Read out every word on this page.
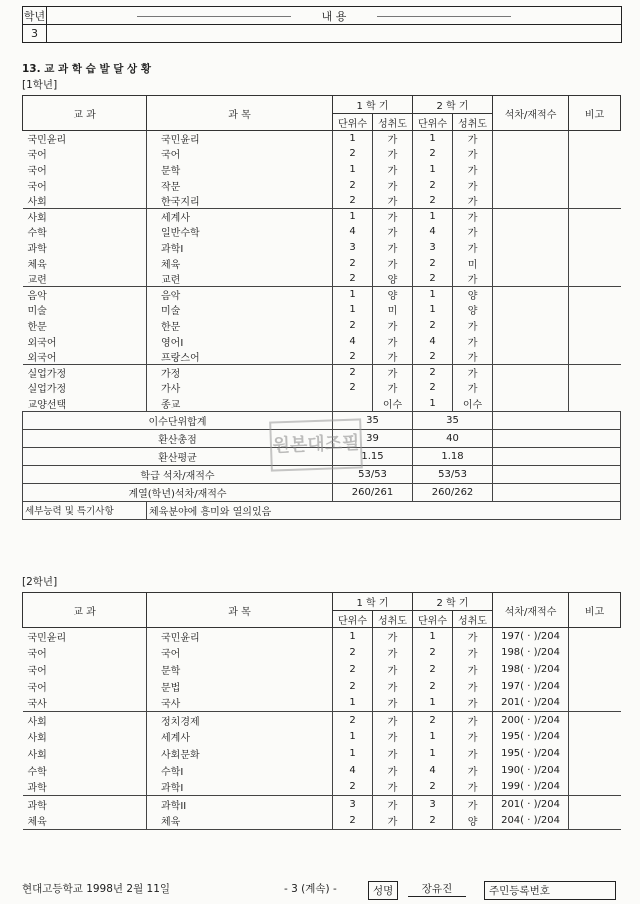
학년	내 용

3	
13. 교 과 학 습 발 달 상 황
[1학년]
교 과	과 목	1 학 기		2 학 기		석차/재적수	비고
		단위수	성취도	단위수	성취도		
국민윤리	국민윤리	1	가	1	가		
국어	국어	2	가	2	가		
국어	문학	1	가	1	가		
국어	작문	2	가	2	가		
사회	한국지리	2	가	2	가		
사회	세계사	1	가	1	가		
수학	일반수학	4	가	4	가		
과학	과학I	3	가	3	가		
체육	체육	2	가	2	미		
교련	교련	2	양	2	가		
음악	음악	1	양	1	양		
미술	미술	1	미	1	양		
한문	한문	2	가	2	가		
외국어	영어I	4	가	4	가		
외국어	프랑스어	2	가	2	가		
실업가정	가정	2	가	2	가		
실업가정	가사	2	가	2	가		
교양선택	종교		이수	1	이수		
이수단위합계		35		35			
환산총점		39		40			
환산평균		1.15		1.18			
학급 석차/재적수		53/53		53/53			
계열(학년)석차/재적수		260/261		260/262			
세부능력 및 특기사항	체육분야에 흥미와 열의있음						
원본대조필
[2학년]
교 과	과 목	1 학 기		2 학 기		석차/재적수	비고
		단위수	성취도	단위수	성취도		
국민윤리	국민윤리	1	가	1	가	197( · )/204	
국어	국어	2	가	2	가	198( · )/204	
국어	문학	2	가	2	가	198( · )/204	
국어	문법	2	가	2	가	197( · )/204	
국사	국사	1	가	1	가	201( · )/204	
사회	정치경제	2	가	2	가	200( · )/204	
사회	세계사	1	가	1	가	195( · )/204	
사회	사회문화	1	가	1	가	195( · )/204	
수학	수학I	4	가	4	가	190( · )/204	
과학	과학I	2	가	2	가	199( · )/204	
과학	과학II	3	가	3	가	201( · )/204	
체육	체육	2	가	2	양	204( · )/204	
현대고등학교 1998년 2월 11일	- 3 (계속) -	성명	장유진	주민등록번호
